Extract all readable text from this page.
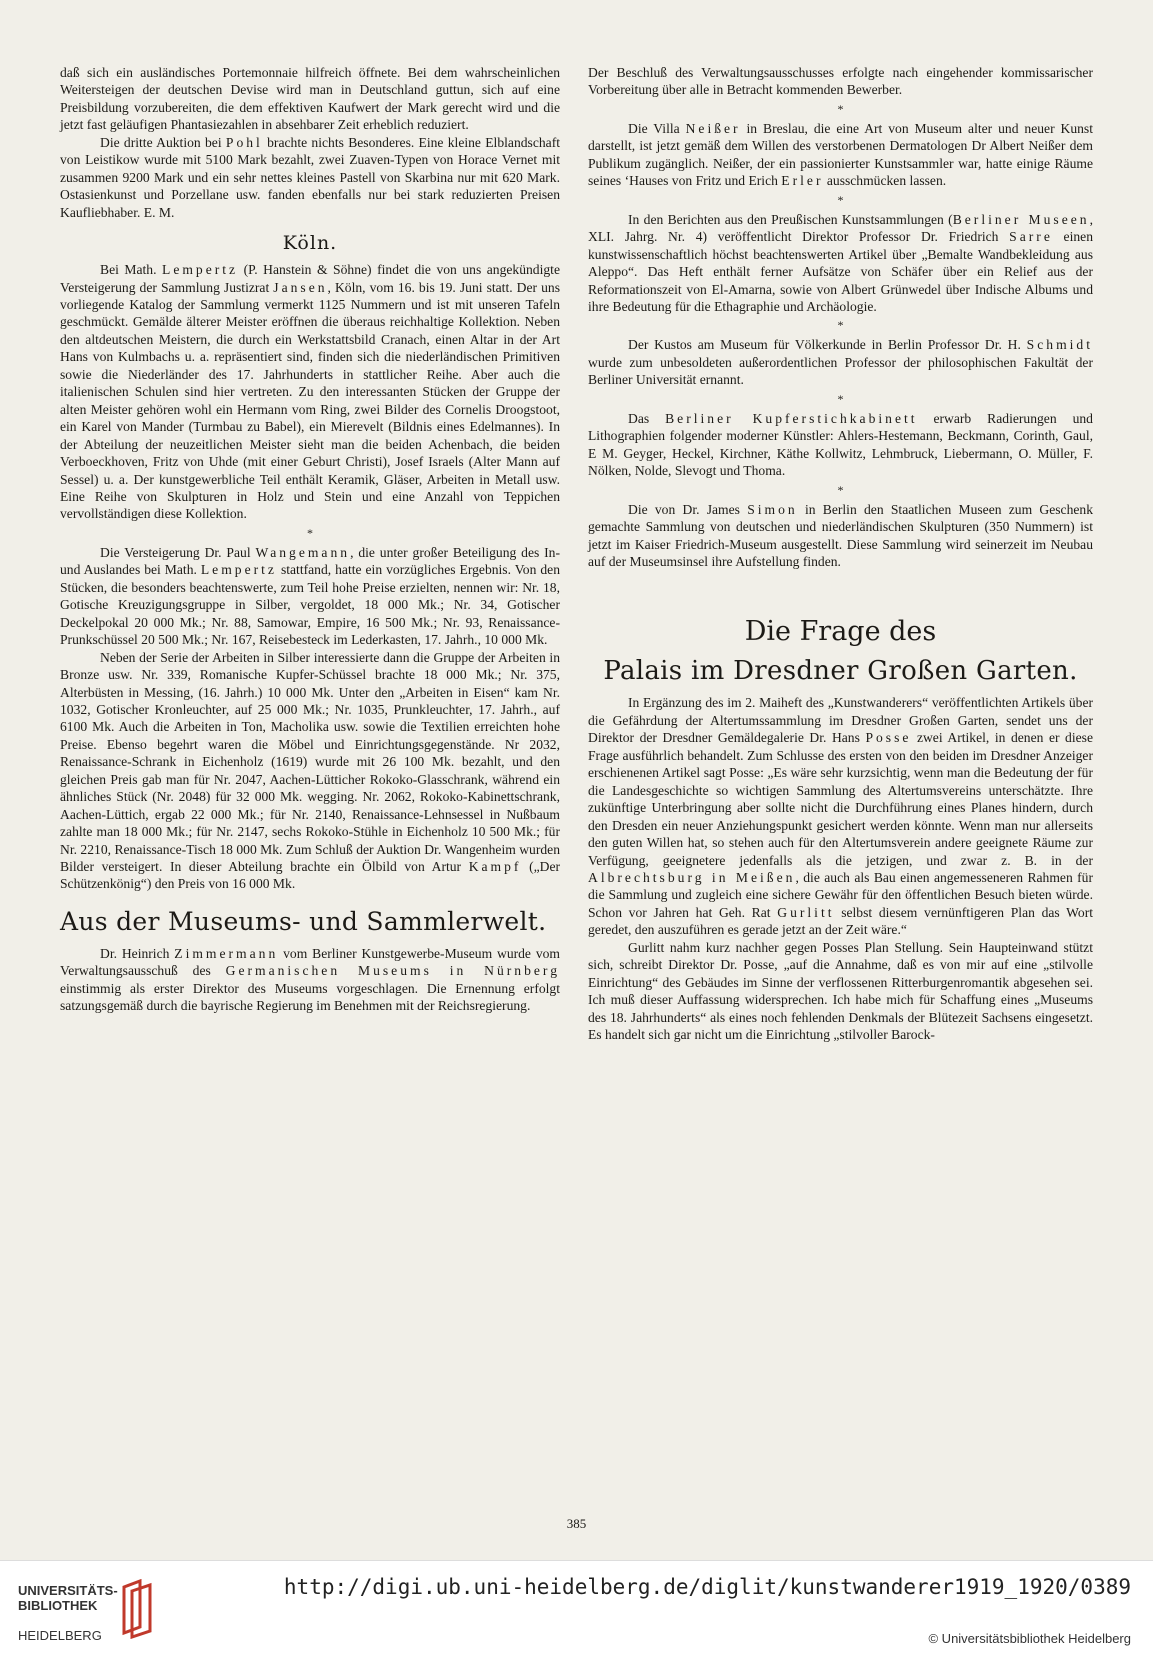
daß sich ein ausländisches Portemonnaie hilfreich öffnete. Bei dem wahrscheinlichen Weitersteigen der deutschen Devise wird man in Deutschland guttun, sich auf eine Preisbildung vorzubereiten, die dem effektiven Kaufwert der Mark gerecht wird und die jetzt fast geläufigen Phantasiezahlen in absehbarer Zeit erheblich reduziert.

Die dritte Auktion bei Pohl brachte nichts Besonderes. Eine kleine Elblandschaft von Leistikow wurde mit 5100 Mark bezahlt, zwei Zuaven-Typen von Horace Vernet mit zusammen 9200 Mark und ein sehr nettes kleines Pastell von Skarbina nur mit 620 Mark. Ostasienkunst und Porzellane usw. fanden ebenfalls nur bei stark reduzierten Preisen Kaufliebhaber. E. M.

Köln.

Bei Math. Lempertz (P. Hanstein & Söhne) findet die von uns angekündigte Versteigerung der Sammlung Justizrat Jansen, Köln, vom 16. bis 19. Juni statt. Der uns vorliegende Katalog der Sammlung vermerkt 1125 Nummern und ist mit unseren Tafeln geschmückt. Gemälde älterer Meister eröffnen die überaus reichhaltige Kollektion. Neben den altdeutschen Meistern, die durch ein Werkstattsbild Cranach, einen Altar in der Art Hans von Kulmbachs u. a. repräsentiert sind, finden sich die niederländischen Primitiven sowie die Niederländer des 17. Jahrhunderts in stattlicher Reihe. Aber auch die italienischen Schulen sind hier vertreten. Zu den interessanten Stücken der Gruppe der alten Meister gehören wohl ein Hermann vom Ring, zwei Bilder des Cornelis Droogstoot, ein Karel von Mander (Turmbau zu Babel), ein Mierevelt (Bildnis eines Edelmannes). In der Abteilung der neuzeitlichen Meister sieht man die beiden Achenbach, die beiden Verboeckhoven, Fritz von Uhde (mit einer Geburt Christi), Josef Israels (Alter Mann auf Sessel) u. a. Der kunstgewerbliche Teil enthält Keramik, Gläser, Arbeiten in Metall usw. Eine Reihe von Skulpturen in Holz und Stein und eine Anzahl von Teppichen vervollständigen diese Kollektion.

*

Die Versteigerung Dr. Paul Wangemann, die unter großer Beteiligung des In- und Auslandes bei Math. Lempertz stattfand, hatte ein vorzügliches Ergebnis. Von den Stücken, die besonders beachtenswerte, zum Teil hohe Preise erzielten, nennen wir: Nr. 18, Gotische Kreuzigungsgruppe in Silber, vergoldet, 18 000 Mk.; Nr. 34, Gotischer Deckelpokal 20 000 Mk.; Nr. 88, Samowar, Empire, 16 500 Mk.; Nr. 93, Renaissance-Prunkschüssel 20 500 Mk.; Nr. 167, Reisebesteck im Lederkasten, 17. Jahrh., 10 000 Mk.

Neben der Serie der Arbeiten in Silber interessierte dann die Gruppe der Arbeiten in Bronze usw. Nr. 339, Romanische Kupfer-Schüssel brachte 18 000 Mk.; Nr. 375, Alterbüsten in Messing, (16. Jahrh.) 10 000 Mk. Unter den „Arbeiten in Eisen“ kam Nr. 1032, Gotischer Kronleuchter, auf 25 000 Mk.; Nr. 1035, Prunkleuchter, 17. Jahrh., auf 6100 Mk. Auch die Arbeiten in Ton, Macholika usw. sowie die Textilien erreichten hohe Preise. Ebenso begehrt waren die Möbel und Einrichtungsgegenstände. Nr 2032, Renaissance-Schrank in Eichenholz (1619) wurde mit 26 100 Mk. bezahlt, und den gleichen Preis gab man für Nr. 2047, Aachen-Lütticher Rokoko-Glasschrank, während ein ähnliches Stück (Nr. 2048) für 32 000 Mk. wegging. Nr. 2062, Rokoko-Kabinettschrank, Aachen-Lüttich, ergab 22 000 Mk.; für Nr. 2140, Renaissance-Lehnsessel in Nußbaum zahlte man 18 000 Mk.; für Nr. 2147, sechs Rokoko-Stühle in Eichenholz 10 500 Mk.; für Nr. 2210, Renaissance-Tisch 18 000 Mk. Zum Schluß der Auktion Dr. Wangenheim wurden Bilder versteigert. In dieser Abteilung brachte ein Ölbild von Artur Kampf („Der Schützenkönig“) den Preis von 16 000 Mk.

Aus der Museums- und Sammlerwelt.

Dr. Heinrich Zimmermann vom Berliner Kunstgewerbe-Museum wurde vom Verwaltungsausschuß des Germanischen Museums in Nürnberg einstimmig als erster Direktor des Museums vorgeschlagen. Die Ernennung erfolgt satzungsgemäß durch die bayrische Regierung im Benehmen mit der Reichsregierung.

Der Beschluß des Verwaltungsausschusses erfolgte nach eingehender kommissarischer Vorbereitung über alle in Betracht kommenden Bewerber.

*

Die Villa Neißer in Breslau, die eine Art von Museum alter und neuer Kunst darstellt, ist jetzt gemäß dem Willen des verstorbenen Dermatologen Dr Albert Neißer dem Publikum zugänglich. Neißer, der ein passionierter Kunstsammler war, hatte einige Räume seines ‘Hauses von Fritz und Erich Erler ausschmücken lassen.

*

In den Berichten aus den Preußischen Kunstsammlungen (Berliner Museen, XLI. Jahrg. Nr. 4) veröffentlicht Direktor Professor Dr. Friedrich Sarre einen kunstwissenschaftlich höchst beachtenswerten Artikel über „Bemalte Wandbekleidung aus Aleppo“. Das Heft enthält ferner Aufsätze von Schäfer über ein Relief aus der Reformationszeit von El-Amarna, sowie von Albert Grünwedel über Indische Albums und ihre Bedeutung für die Ethagraphie und Archäologie.

*

Der Kustos am Museum für Völkerkunde in Berlin Professor Dr. H. Schmidt wurde zum unbesoldeten außerordentlichen Professor der philosophischen Fakultät der Berliner Universität ernannt.

*

Das Berliner Kupferstichkabinett erwarb Radierungen und Lithographien folgender moderner Künstler: Ahlers-Hestemann, Beckmann, Corinth, Gaul, E M. Geyger, Heckel, Kirchner, Käthe Kollwitz, Lehmbruck, Liebermann, O. Müller, F. Nölken, Nolde, Slevogt und Thoma.

*

Die von Dr. James Simon in Berlin den Staatlichen Museen zum Geschenk gemachte Sammlung von deutschen und niederländischen Skulpturen (350 Nummern) ist jetzt im Kaiser Friedrich-Museum ausgestellt. Diese Sammlung wird seinerzeit im Neubau auf der Museumsinsel ihre Aufstellung finden.

Die Frage des
Palais im Dresdner Großen Garten.

In Ergänzung des im 2. Maiheft des „Kunstwanderers“ veröffentlichten Artikels über die Gefährdung der Altertumssammlung im Dresdner Großen Garten, sendet uns der Direktor der Dresdner Gemäldegalerie Dr. Hans Posse zwei Artikel, in denen er diese Frage ausführlich behandelt. Zum Schlusse des ersten von den beiden im Dresdner Anzeiger erschienenen Artikel sagt Posse: „Es wäre sehr kurzsichtig, wenn man die Bedeutung der für die Landesgeschichte so wichtigen Sammlung des Altertumsvereins unterschätzte. Ihre zukünftige Unterbringung aber sollte nicht die Durchführung eines Planes hindern, durch den Dresden ein neuer Anziehungspunkt gesichert werden könnte. Wenn man nur allerseits den guten Willen hat, so stehen auch für den Altertumsverein andere geeignete Räume zur Verfügung, geeignetere jedenfalls als die jetzigen, und zwar z. B. in der Albrechtsburg in Meißen, die auch als Bau einen angemesseneren Rahmen für die Sammlung und zugleich eine sichere Gewähr für den öffentlichen Besuch bieten würde. Schon vor Jahren hat Geh. Rat Gurlitt selbst diesem vernünftigeren Plan das Wort geredet, den auszuführen es gerade jetzt an der Zeit wäre.“

Gurlitt nahm kurz nachher gegen Posses Plan Stellung. Sein Haupteinwand stützt sich, schreibt Direktor Dr. Posse, „auf die Annahme, daß es von mir auf eine „stilvolle Einrichtung“ des Gebäudes im Sinne der verflossenen Ritterburgenromantik abgesehen sei. Ich muß dieser Auffassung widersprechen. Ich habe mich für Schaffung eines „Museums des 18. Jahrhunderts“ als eines noch fehlenden Denkmals der Blütezeit Sachsens eingesetzt. Es handelt sich gar nicht um die Einrichtung „stilvoller Barock-

385
UNIVERSITÄTS-
BIBLIOTHEK
HEIDELBERG
http://digi.ub.uni-heidelberg.de/diglit/kunstwanderer1919_1920/0389
© Universitätsbibliothek Heidelberg
